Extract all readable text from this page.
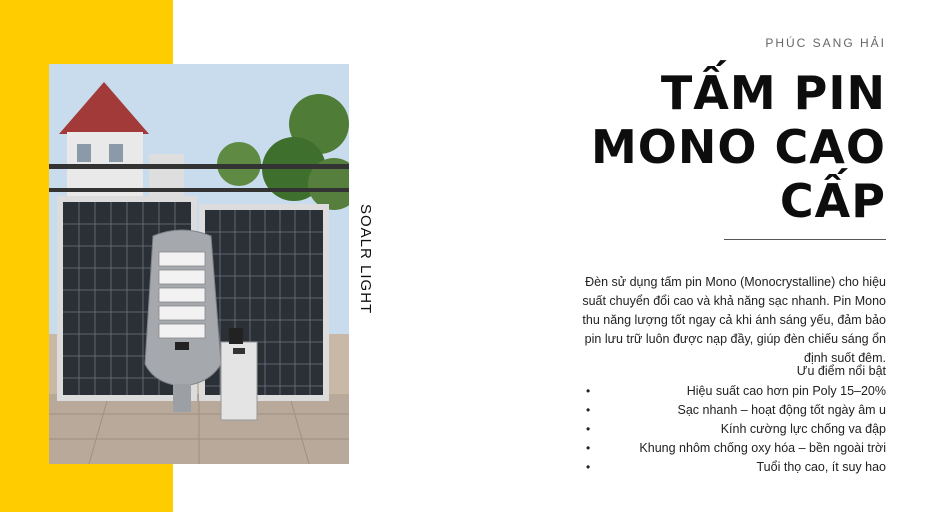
SOALR LIGHT
PHÚC SANG HẢI
TẤM PIN
MONO CAO
CẤP

Đèn sử dụng tấm pin Mono (Monocrystalline) cho hiệu suất chuyển đổi cao và khả năng sạc nhanh. Pin Mono thu năng lượng tốt ngay cả khi ánh sáng yếu, đảm bảo pin lưu trữ luôn được nạp đầy, giúp đèn chiếu sáng ổn định suốt đêm.

Ưu điểm nổi bật
•	Hiệu suất cao hơn pin Poly 15–20%
•	Sạc nhanh – hoạt động tốt ngày âm u
•	Kính cường lực chống va đập
•	Khung nhôm chống oxy hóa – bền ngoài trời
•	Tuổi thọ cao, ít suy hao
